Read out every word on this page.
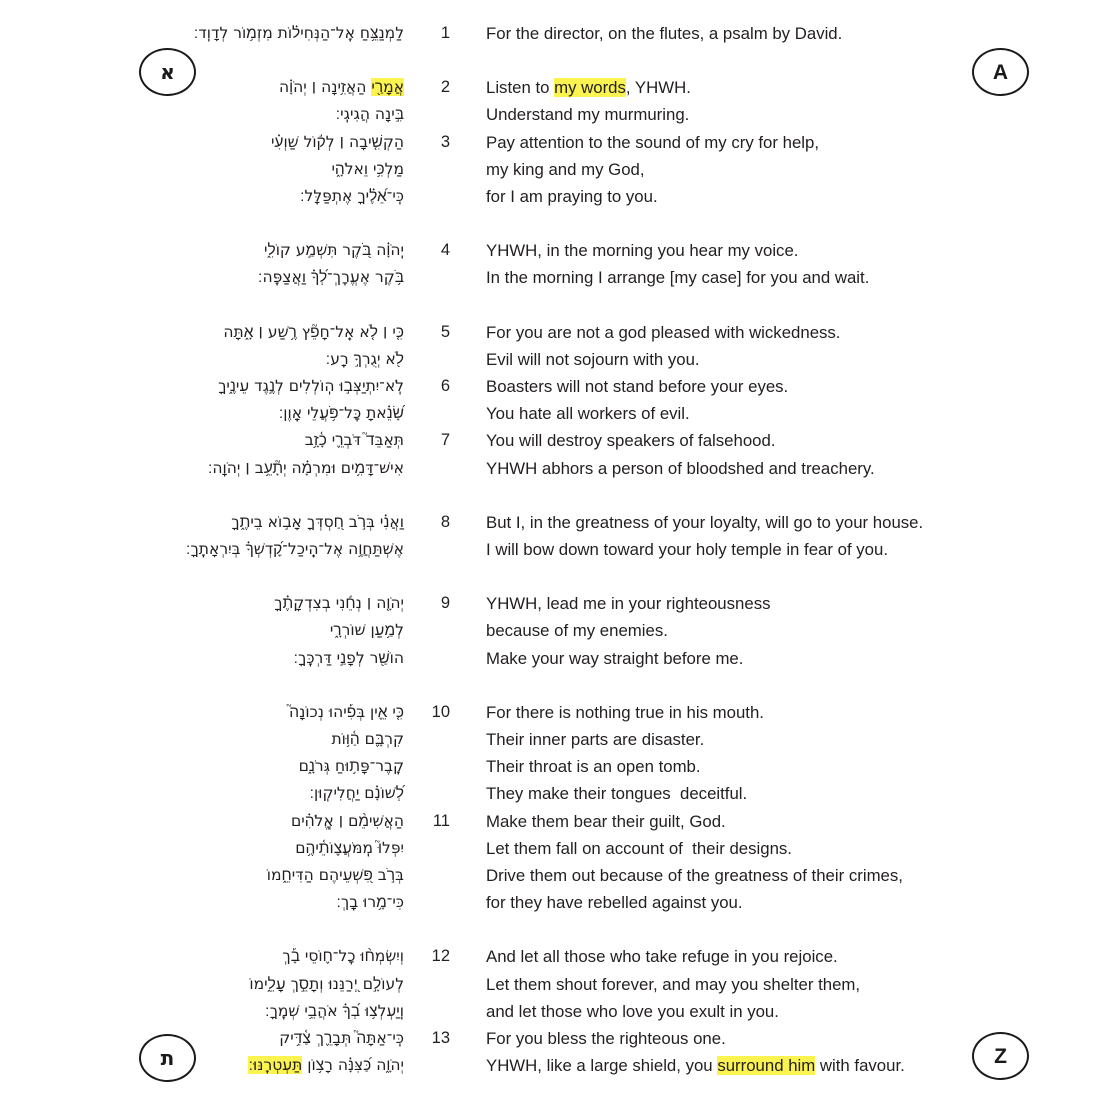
לַמְנַצֵּ֥חַ אֶֽל־הַנְּחִיל֗וֹת מִזְמ֥וֹר לְדָוִֽד׃	1 For the director, on the flutes, a psalm by David.
אֲמָרַ֖י הַאֲזִ֥ינָה ׀ יְהֹוָ֗ה	2 Listen to my words, YHWH.
בִּ֣ינָה הֲגִיגִֽי׃	Understand my murmuring.
הַקְשִׁ֤יבָה ׀ לְק֬וֹל שַׁוְעִ֗י	3 Pay attention to the sound of my cry for help,
מַלְכִּ֥י וֵאלֹהָ֑י	my king and my God,
כִּֽי־אֵ֝לֶ֗יךָ אֶתְפַּלָּֽל׃	for I am praying to you.
יְֽהֹוָ֗ה בֹּ֭קֶר תִּשְׁמַ֣ע קוֹלִ֑י	4 YHWH, in the morning you hear my voice.
בֹּ֥קֶר אֶעֱרׇךְ־לְ֝ךָ֗ וַאֲצַפֶּֽה׃	In the morning I arrange [my case] for you and wait.
כִּ֤י ׀ לֹ֤א אֵֽל־חָפֵ֘ץ רֶ֥שַׁע ׀ אָ֑תָּה	5 For you are not a god pleased with wickedness.
לֹ֖א יְגֻרְךָ֣ רָֽע׃	Evil will not sojourn with you.
לֹֽא־יִתְיַצְּב֣וּ הֽוֹלְלִים לְנֶ֣גֶד עֵינֶ֑יךָ	6 Boasters will not stand before your eyes.
שָׂ֝נֵ֗אתָ כׇּל־פֹּ֥עֲלֵי אָֽוֶן׃	You hate all workers of evil.
תְּאַבֵּד֮ דֹּבְרֵ֢י כָ֫זָ֥ב	7 You will destroy speakers of falsehood.
אִישׁ־דָּמִ֥ים וּמִרְמָ֗ה יְתָ֘עֵ֥ב ׀ יְהֹוָֽה׃	YHWH abhors a person of bloodshed and treachery.
וַאֲנִ֗י בְּרֹ֣ב חַ֭סְדְּךָ אָב֣וֹא בֵיתֶ֑ךָ	8 But I, in the greatness of your loyalty, will go to your house.
אֶשְׁתַּחֲוֶ֥ה אֶל־הֵֽיכַל־קׇ֝דְשְׁךָ֗ בְּיִרְאָתֶֽךָ׃	I will bow down toward your holy temple in fear of you.
יְהֹוָ֤ה ׀ נְחֵ֬נִי בְצִדְקָתֶ֗ךָ	9 YHWH, lead me in your righteousness
לְמַ֥עַן שׁוֹרְרָ֑י	because of my enemies.
הוֹשַׁ֖ר לְפָנַ֣י דַּרְכֶּֽךָ׃	Make your way straight before me.
כִּ֤י אֵ֪ין בְּפִ֡יהוּ נְכוֹנָה֮	10 For there is nothing true in his mouth.
קִרְבָּ֢ם הַ֫וּ֥וֹת	Their inner parts are disaster.
קֶֽבֶר־פָּת֥וּחַ גְּרֹנָ֑ם	Their throat is an open tomb.
לְ֝שׁוֹנָ֗ם יַחֲלִיקֽוּן׃	They make their tongues  deceitful.
הַאֲשִׁימֵ֨ם ׀ אֱֽלֹהִ֗ים	11 Make them bear their guilt, God.
יִפְּלוּ֮ מִֽמֹּעֲצ֢וֹתֵ֫יהֶ֥ם	Let them fall on account of  their designs.
בְּרֹ֣ב פִּ֭שְׁעֵיהֶם הַדִּיחֵ֑מוֹ	Drive them out because of the greatness of their crimes,
כִּי־מָ֥רוּ בָֽךְ׃	for they have rebelled against you.
וְיִשְׂמְח֨וּ כׇל־ח֪וֹסֵי בָ֡ךְ	12 And let all those who take refuge in you rejoice.
לְעוֹלָ֣ם יְ֭רַנֵּנוּ וְתָסֵ֣ךְ עָלֵ֑ימוֹ	Let them shout forever, and may you shelter them,
וְֽיַעְלְצ֥וּ בְ֝ךָ֗ אֹהֲבֵ֥י שְׁמֶֽךָ׃	and let those who love you exult in you.
כִּֽי־אַתָּה֮ תְּבָרֵ֢ךְ צַ֫דִּ֥יק	13 For you bless the righteous one.
יְהֹוָ֑ה כַּ֝צִּנָּ֗ה רָצ֥וֹן תַּעְטְרֶֽנּוּ׃	YHWH, like a large shield, you surround him with favour.
א	A
ת	Z
